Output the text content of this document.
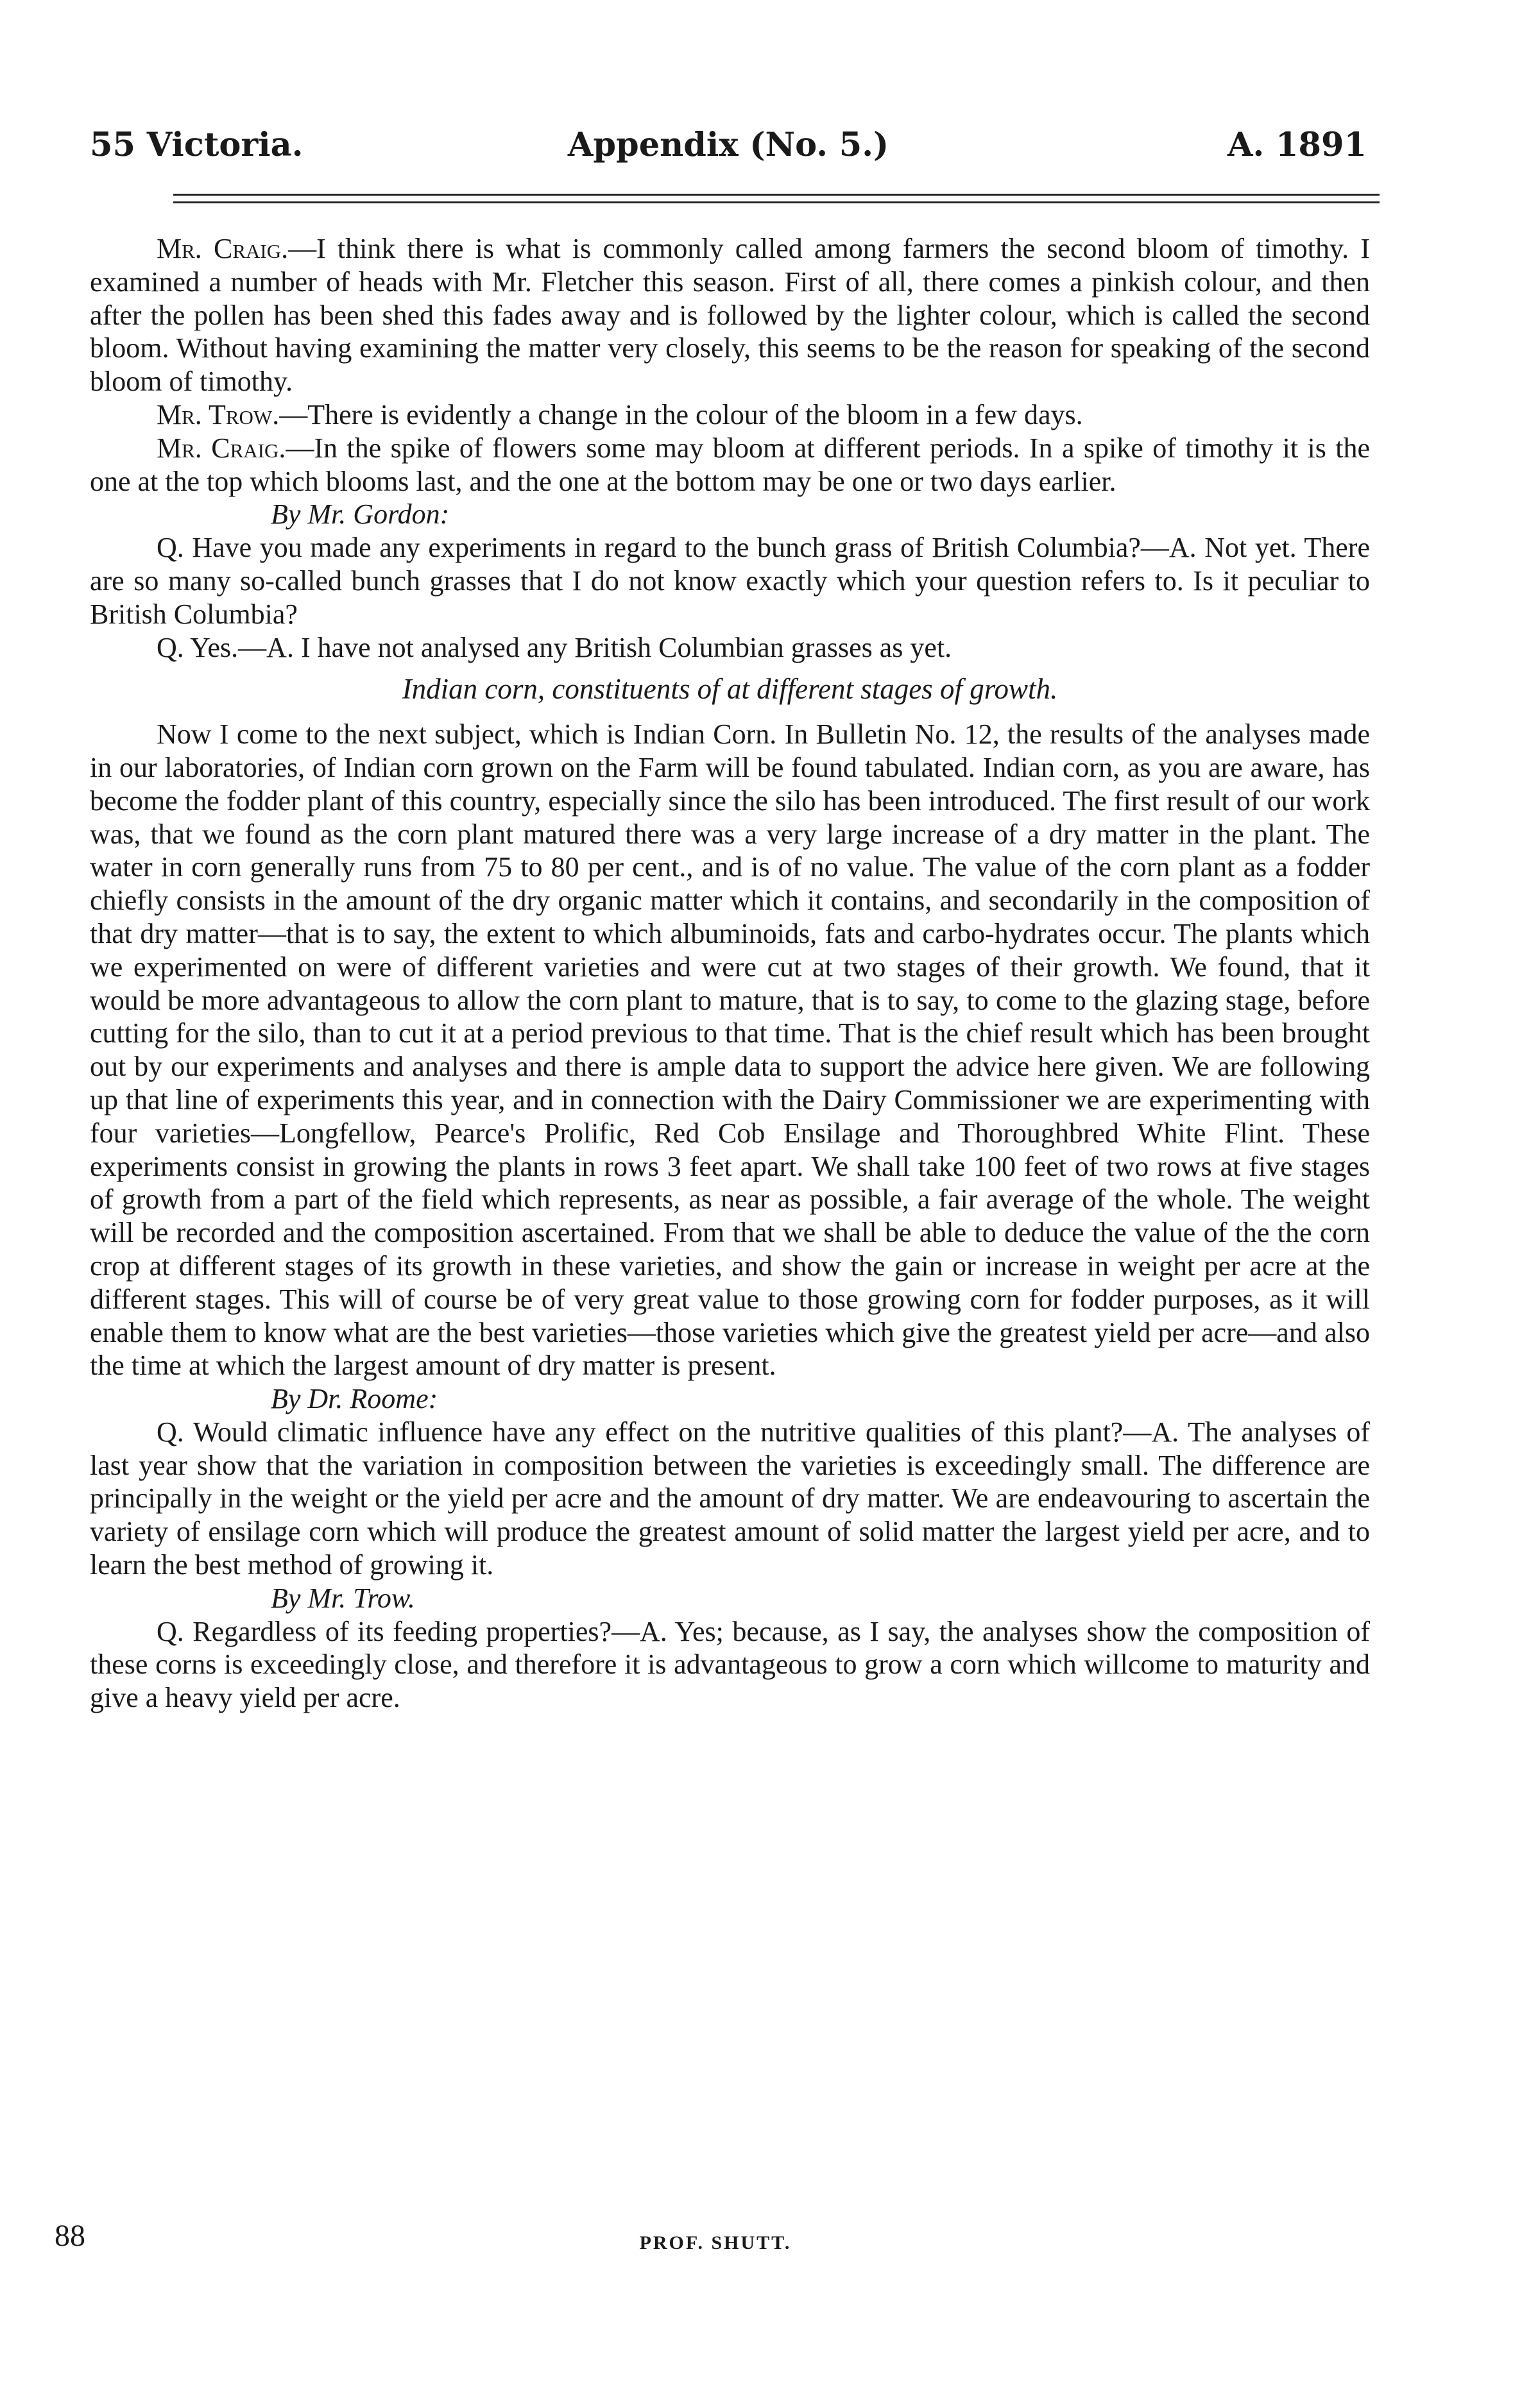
55 Victoria.	Appendix (No. 5.)	A. 1891

Mr. Craig.—I think there is what is commonly called among farmers the second bloom of timothy. I examined a number of heads with Mr. Fletcher this season. First of all, there comes a pinkish colour, and then after the pollen has been shed this fades away and is followed by the lighter colour, which is called the second bloom. Without having examining the matter very closely, this seems to be the reason for speaking of the second bloom of timothy.

Mr. Trow.—There is evidently a change in the colour of the bloom in a few days.

Mr. Craig.—In the spike of flowers some may bloom at different periods. In a spike of timothy it is the one at the top which blooms last, and the one at the bottom may be one or two days earlier.

By Mr. Gordon:

Q. Have you made any experiments in regard to the bunch grass of British Columbia?—A. Not yet. There are so many so-called bunch grasses that I do not know exactly which your question refers to. Is it peculiar to British Columbia?

Q. Yes.—A. I have not analysed any British Columbian grasses as yet.

Indian corn, constituents of at different stages of growth.

Now I come to the next subject, which is Indian Corn. In Bulletin No. 12, the results of the analyses made in our laboratories, of Indian corn grown on the Farm will be found tabulated. Indian corn, as you are aware, has become the fodder plant of this country, especially since the silo has been introduced. The first result of our work was, that we found as the corn plant matured there was a very large increase of a dry matter in the plant. The water in corn generally runs from 75 to 80 per cent., and is of no value. The value of the corn plant as a fodder chiefly consists in the amount of the dry organic matter which it contains, and secondarily in the composition of that dry matter—that is to say, the extent to which albuminoids, fats and carbo-hydrates occur. The plants which we experimented on were of different varieties and were cut at two stages of their growth. We found, that it would be more advantageous to allow the corn plant to mature, that is to say, to come to the glazing stage, before cutting for the silo, than to cut it at a period previous to that time. That is the chief result which has been brought out by our experiments and analyses and there is ample data to support the advice here given. We are following up that line of experiments this year, and in connection with the Dairy Commissioner we are experimenting with four varieties—Longfellow, Pearce's Prolific, Red Cob Ensilage and Thoroughbred White Flint. These experiments consist in growing the plants in rows 3 feet apart. We shall take 100 feet of two rows at five stages of growth from a part of the field which represents, as near as possible, a fair average of the whole. The weight will be recorded and the composition ascertained. From that we shall be able to deduce the value of the the corn crop at different stages of its growth in these varieties, and show the gain or increase in weight per acre at the different stages. This will of course be of very great value to those growing corn for fodder purposes, as it will enable them to know what are the best varieties—those varieties which give the greatest yield per acre—and also the time at which the largest amount of dry matter is present.

By Dr. Roome:

Q. Would climatic influence have any effect on the nutritive qualities of this plant?—A. The analyses of last year show that the variation in composition between the varieties is exceedingly small. The difference are principally in the weight or the yield per acre and the amount of dry matter. We are endeavouring to ascertain the variety of ensilage corn which will produce the greatest amount of solid matter the largest yield per acre, and to learn the best method of growing it.

By Mr. Trow.

Q. Regardless of its feeding properties?—A. Yes; because, as I say, the analyses show the composition of these corns is exceedingly close, and therefore it is advantageous to grow a corn which willcome to maturity and give a heavy yield per acre.

88	PROF. SHUTT.
